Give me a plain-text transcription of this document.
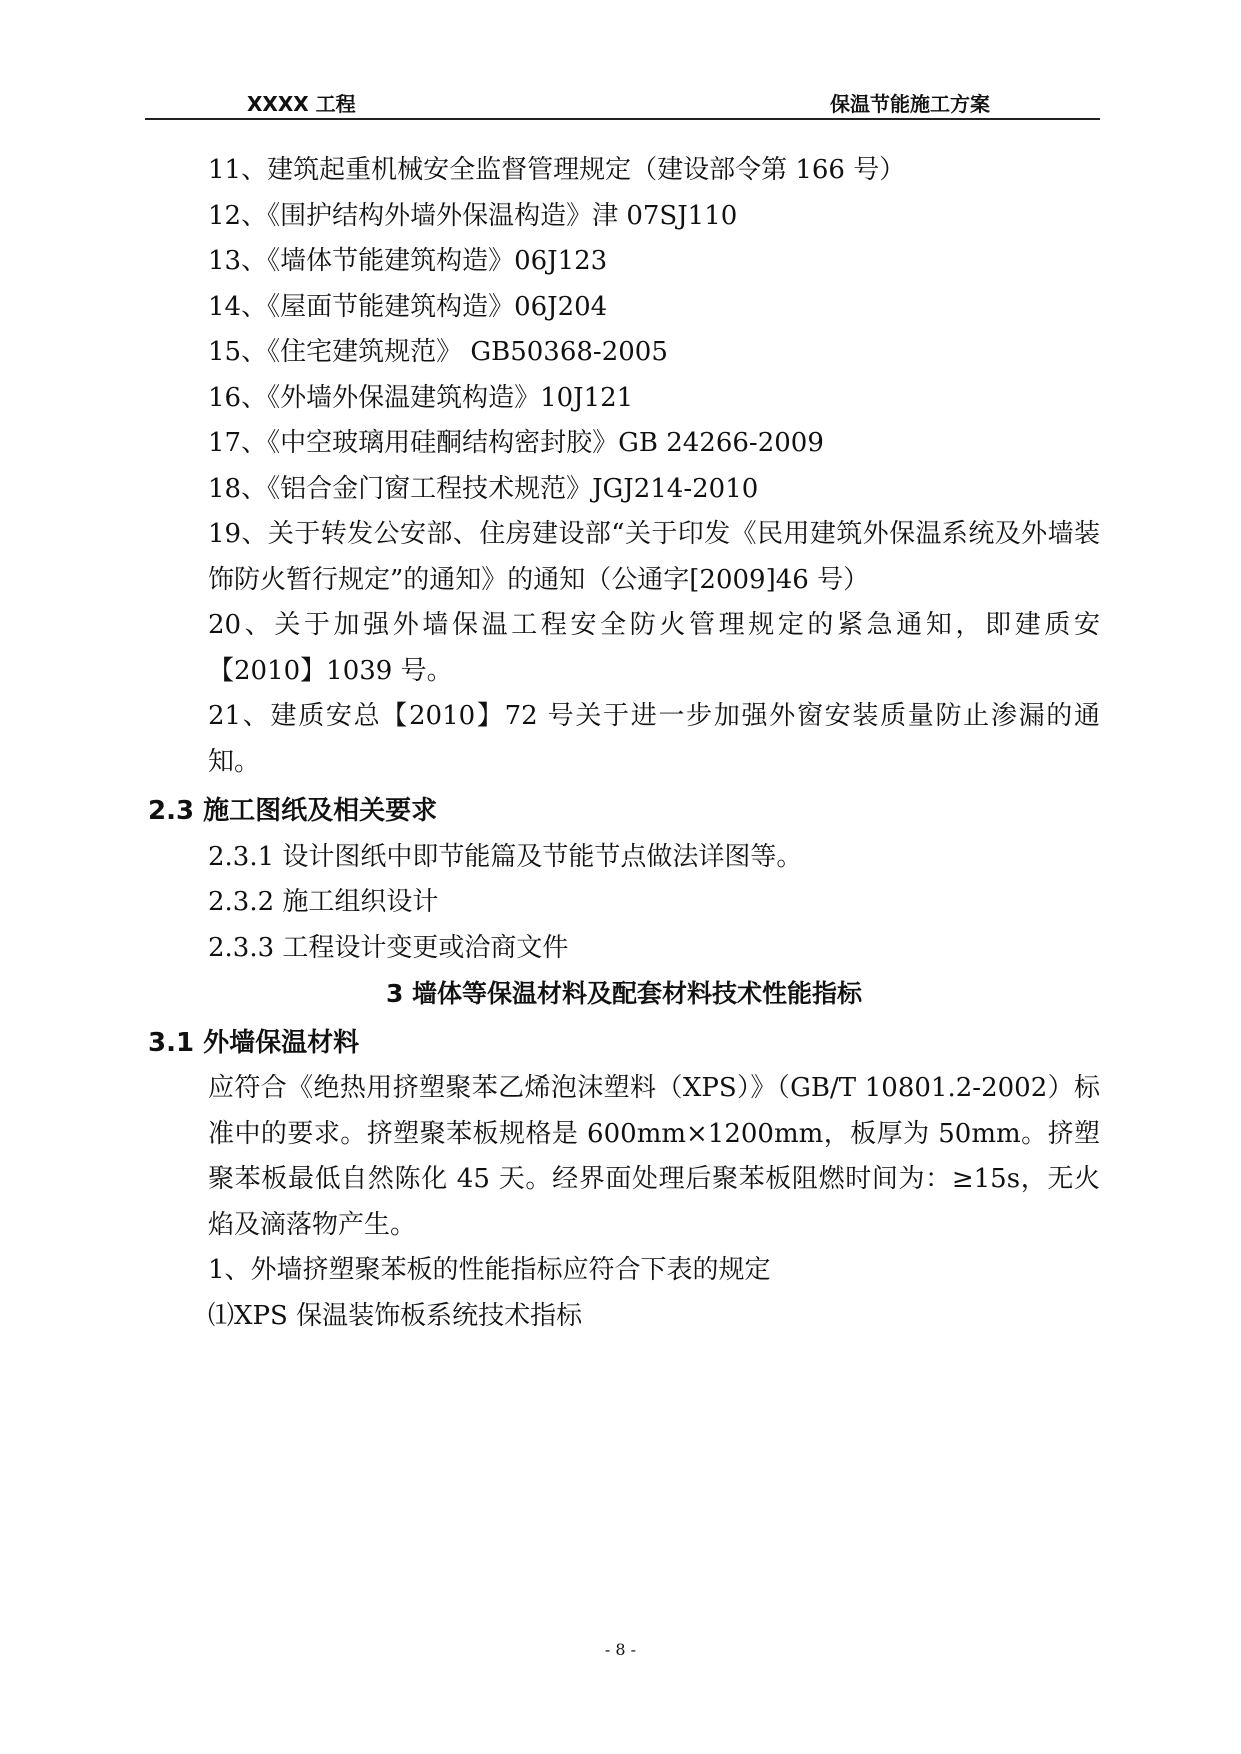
XXXX 工程	保温节能施工方案
11、建筑起重机械安全监督管理规定（建设部令第 166 号）
12、《围护结构外墙外保温构造》津 07SJ110
13、《墙体节能建筑构造》06J123
14、《屋面节能建筑构造》06J204
15、《住宅建筑规范》 GB50368-2005
16、《外墙外保温建筑构造》10J121
17、《中空玻璃用硅酮结构密封胶》GB 24266-2009
18、《铝合金门窗工程技术规范》JGJ214-2010
19、关于转发公安部、住房建设部“关于印发《民用建筑外保温系统及外墙装饰防火暂行规定”的通知》的通知（公通字[2009]46 号）
20、关于加强外墙保温工程安全防火管理规定的紧急通知，即建质安【2010】1039 号。
21、建质安总【2010】72 号关于进一步加强外窗安装质量防止渗漏的通知。
2.3 施工图纸及相关要求
2.3.1 设计图纸中即节能篇及节能节点做法详图等。
2.3.2 施工组织设计
2.3.3 工程设计变更或洽商文件
3 墙体等保温材料及配套材料技术性能指标
3.1 外墙保温材料
应符合《绝热用挤塑聚苯乙烯泡沫塑料（XPS）》（GB/T 10801.2-2002）标准中的要求。挤塑聚苯板规格是 600mm×1200mm，板厚为 50mm。挤塑聚苯板最低自然陈化 45 天。经界面处理后聚苯板阻燃时间为：≥15s，无火焰及滴落物产生。
1、外墙挤塑聚苯板的性能指标应符合下表的规定
⑴XPS 保温装饰板系统技术指标
- 8 -
